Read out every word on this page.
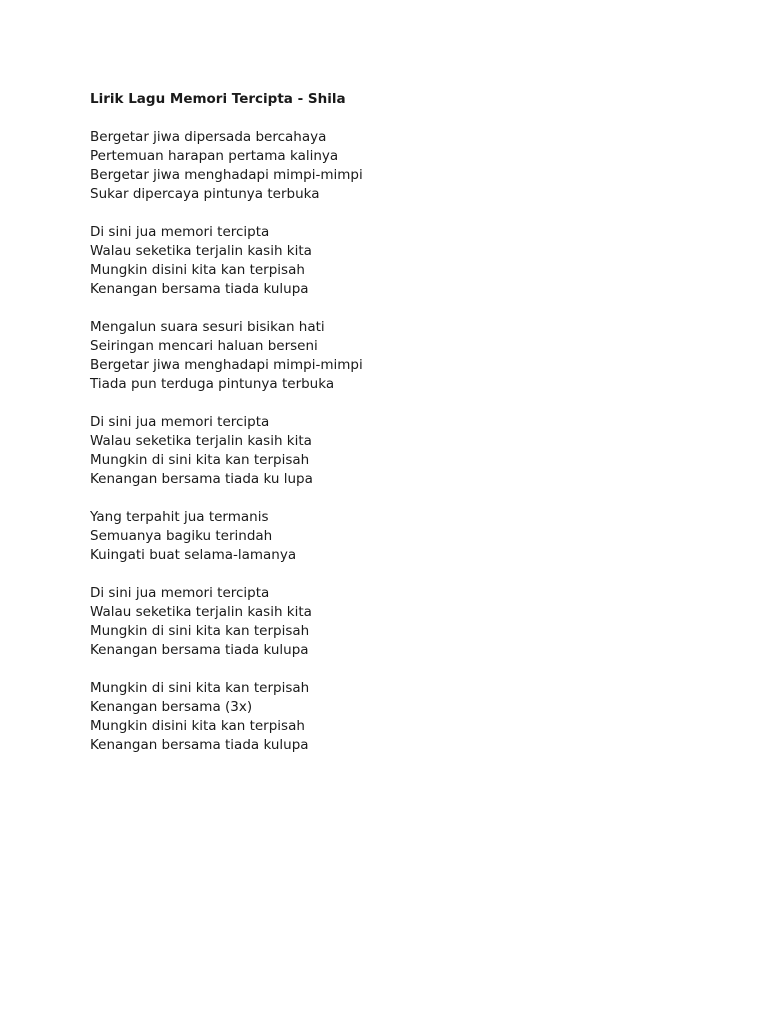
Lirik Lagu Memori Tercipta - Shila
Bergetar jiwa dipersada bercahaya
Pertemuan harapan pertama kalinya
Bergetar jiwa menghadapi mimpi-mimpi
Sukar dipercaya pintunya terbuka
Di sini jua memori tercipta
Walau seketika terjalin kasih kita
Mungkin disini kita kan terpisah
Kenangan bersama tiada kulupa
Mengalun suara sesuri bisikan hati
Seiringan mencari haluan berseni
Bergetar jiwa menghadapi mimpi-mimpi
Tiada pun terduga pintunya terbuka
Di sini jua memori tercipta
Walau seketika terjalin kasih kita
Mungkin di sini kita kan terpisah
Kenangan bersama tiada ku lupa
Yang terpahit jua termanis
Semuanya bagiku terindah
Kuingati buat selama-lamanya
Di sini jua memori tercipta
Walau seketika terjalin kasih kita
Mungkin di sini kita kan terpisah
Kenangan bersama tiada kulupa
Mungkin di sini kita kan terpisah
Kenangan bersama (3x)
Mungkin disini kita kan terpisah
Kenangan bersama tiada kulupa
